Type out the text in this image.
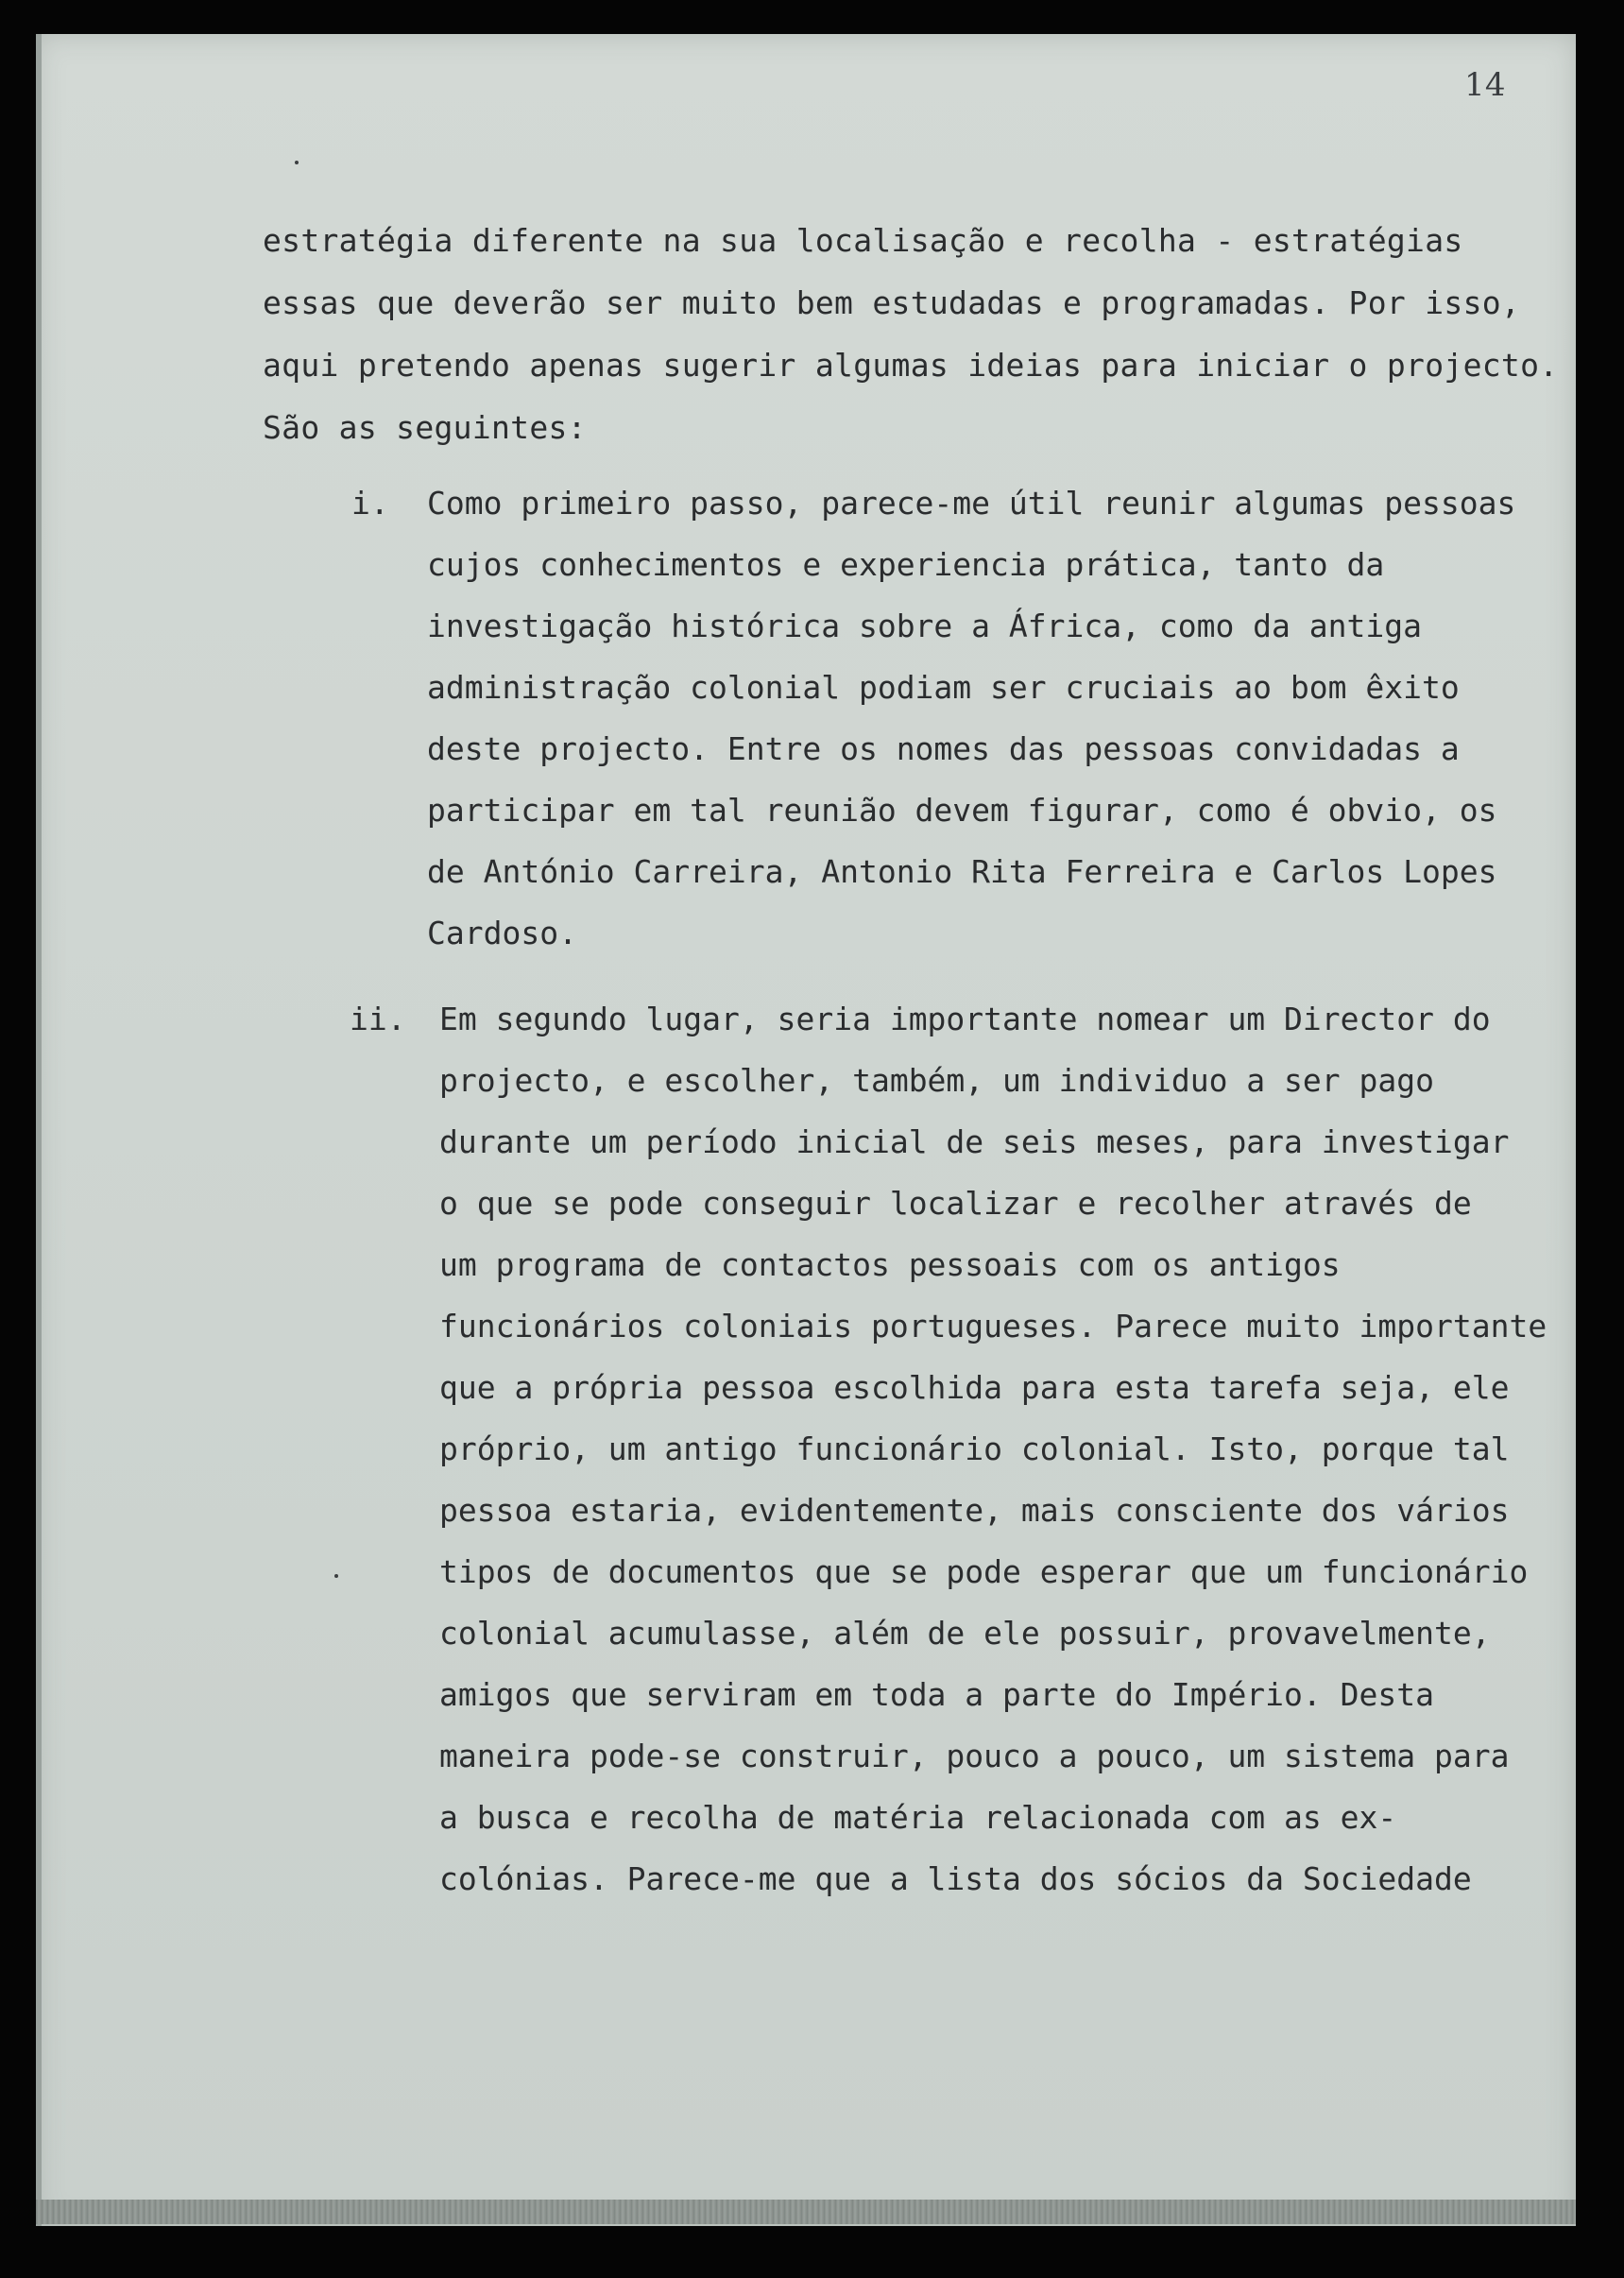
14
estratégia diferente na sua localisação e recolha - estratégias
essas que deverão ser muito bem estudadas e programadas. Por isso,
aqui pretendo apenas sugerir algumas ideias para iniciar o projecto.
São as seguintes:
i. Como primeiro passo, parece-me útil reunir algumas pessoas
cujos conhecimentos e experiencia prática, tanto da
investigação histórica sobre a África, como da antiga
administração colonial podiam ser cruciais ao bom êxito
deste projecto. Entre os nomes das pessoas convidadas a
participar em tal reunião devem figurar, como é obvio, os
de António Carreira, Antonio Rita Ferreira e Carlos Lopes
Cardoso.
ii. Em segundo lugar, seria importante nomear um Director do
projecto, e escolher, também, um individuo a ser pago
durante um período inicial de seis meses, para investigar
o que se pode conseguir localizar e recolher através de
um programa de contactos pessoais com os antigos
funcionários coloniais portugueses. Parece muito importante
que a própria pessoa escolhida para esta tarefa seja, ele
próprio, um antigo funcionário colonial. Isto, porque tal
pessoa estaria, evidentemente, mais consciente dos vários
tipos de documentos que se pode esperar que um funcionário
colonial acumulasse, além de ele possuir, provavelmente,
amigos que serviram em toda a parte do Império. Desta
maneira pode-se construir, pouco a pouco, um sistema para
a busca e recolha de matéria relacionada com as ex-
colónias. Parece-me que a lista dos sócios da Sociedade
